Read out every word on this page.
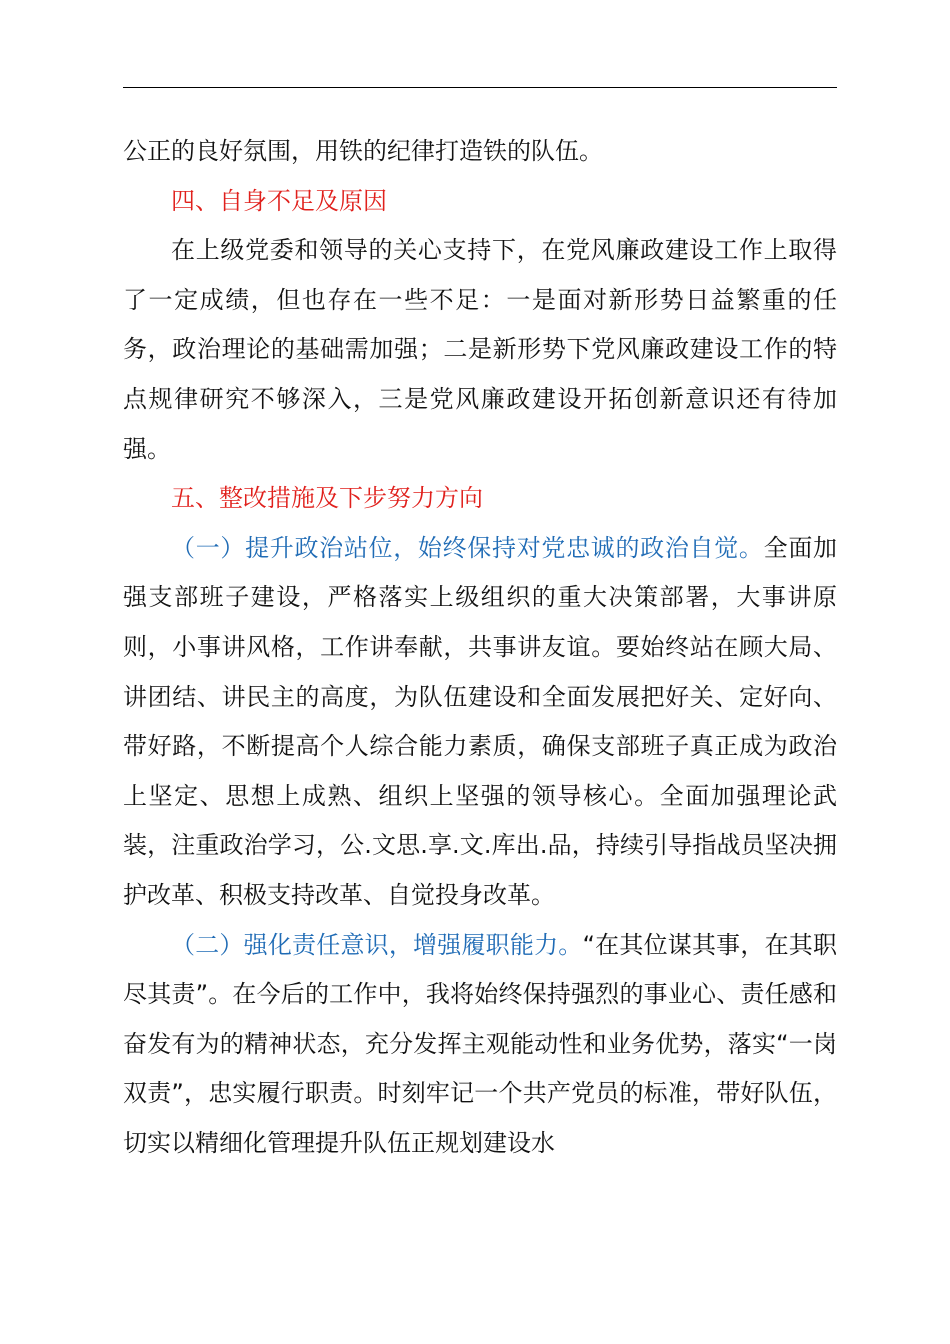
公正的良好氛围，用铁的纪律打造铁的队伍。

四、自身不足及原因

在上级党委和领导的关心支持下，在党风廉政建设工作上取得了一定成绩，但也存在一些不足：一是面对新形势日益繁重的任务，政治理论的基础需加强；二是新形势下党风廉政建设工作的特点规律研究不够深入，三是党风廉政建设开拓创新意识还有待加强。

五、整改措施及下步努力方向

（一）提升政治站位，始终保持对党忠诚的政治自觉。全面加强支部班子建设，严格落实上级组织的重大决策部署，大事讲原则，小事讲风格，工作讲奉献，共事讲友谊。要始终站在顾大局、讲团结、讲民主的高度，为队伍建设和全面发展把好关、定好向、带好路，不断提高个人综合能力素质，确保支部班子真正成为政治上坚定、思想上成熟、组织上坚强的领导核心。全面加强理论武装，注重政治学习，公.文思.享.文.库出.品，持续引导指战员坚决拥护改革、积极支持改革、自觉投身改革。

（二）强化责任意识，增强履职能力。“在其位谋其事，在其职尽其责”。在今后的工作中，我将始终保持强烈的事业心、责任感和奋发有为的精神状态，充分发挥主观能动性和业务优势，落实“一岗双责”，忠实履行职责。时刻牢记一个共产党员的标准，带好队伍，切实以精细化管理提升队伍正规划建设水
